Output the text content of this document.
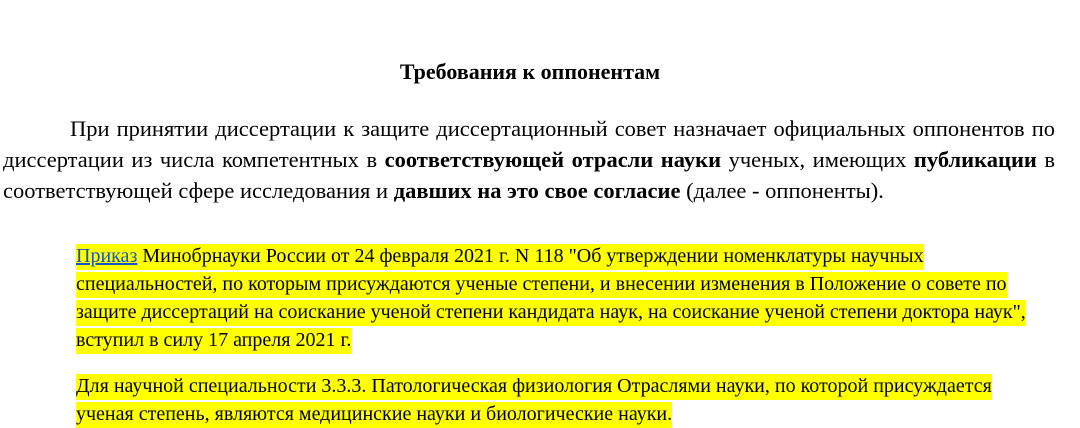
Требования к оппонентам

При принятии диссертации к защите диссертационный совет назначает официальных оппонентов по диссертации из числа компетентных в соответствующей отрасли науки ученых, имеющих публикации в соответствующей сфере исследования и давших на это свое согласие (далее - оппоненты).

Приказ Минобрнауки России от 24 февраля 2021 г. N 118 "Об утверждении номенклатуры научных специальностей, по которым присуждаются ученые степени, и внесении изменения в Положение о совете по защите диссертаций на соискание ученой степени кандидата наук, на соискание ученой степени доктора наук", вступил в силу 17 апреля 2021 г.

Для научной специальности 3.3.3. Патологическая физиология Отраслями науки, по которой присуждается ученая степень, являются медицинские науки и биологические науки.
